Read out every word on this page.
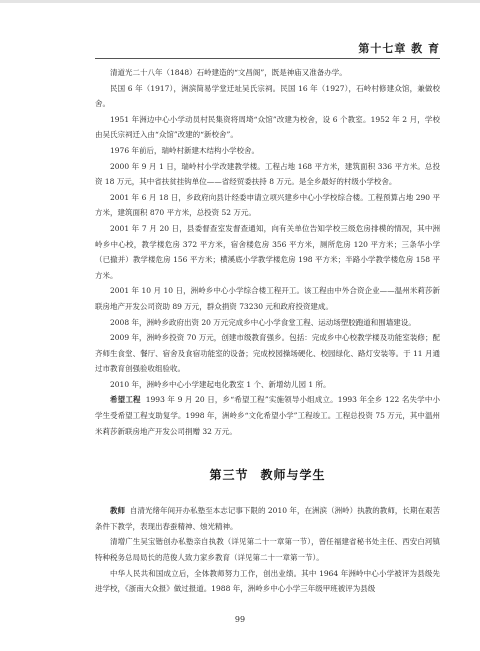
第十七章 教 育

清道光二十八年（1848）石岭建造的“文昌阁”，既是神庙又准备办学。

民国 6 年（1917），洲滨简易学堂迁址吴氏宗祠。民国 16 年（1927），石岭村修建众馆，兼做校舍。

1951 年洲边中心小学动员村民集资将周埼“众馆”改建为校舍，设 6 个教室。1952 年 2 月，学校由吴氏宗祠迁入由“众馆”改建的“新校舍”。

1976 年前后，瑞岭村新建木结构小学校舍。

2000 年 9 月 1 日，瑞岭村小学改建教学楼。工程占地 168 平方米，建筑面积 336 平方米。总投资 18 万元，其中省扶贫挂钩单位——省经贸委扶持 8 万元。是全乡最好的村级小学校舍。

2001 年 6 月 18 日，乡政府向县计经委申请立项兴建乡中心小学校综合楼。工程预算占地 290 平方米，建筑面积 870 平方米，总投资 52 万元。

2001 年 7 月 20 日，县委督查室发督查通知，向有关单位告知学校三级危房排模的情况，其中洲岭乡中心校，教学楼危房 372 平方米，宿舍楼危房 356 平方米，厕所危房 120 平方米；三条华小学（已撤并）教学楼危房 156 平方米；横溪底小学教学楼危房 198 平方米；半路小学教学楼危房 158 平方米。

2001 年 10 月 10 日，洲岭乡中心小学综合楼工程开工。该工程由中外合资企业——温州米莉莎新联房地产开发公司资助 89 万元，群众捐资 73230 元和政府投资建成。

2008 年，洲岭乡政府出资 20 万元完成乡中心小学食堂工程、运动场塑胶跑道和围墙建设。

2009 年，洲岭乡投资 70 万元，创建市级教育强乡。包括：完成乡中心校教学楼及功能室装修；配齐师生食堂、餐厅、宿舍及食宿功能室的设备；完成校园操场硬化、校园绿化、路灯安装等。于 11 月通过市教育创强验收组验收。

2010 年，洲岭乡中心小学建起电化教室 1 个、新增幼儿园 1 所。

希望工程 1993 年 9 月 20 日，乡“希望工程”实施领导小组成立。1993 年全乡 122 名失学中小学生受希望工程支助复学。1998 年，洲岭乡“文化希望小学”工程竣工。工程总投资 75 万元，其中温州米莉莎新联房地产开发公司捐赠 32 万元。

第三节 教师与学生

教师 自清光绪年间开办私塾至本志记事下限的 2010 年，在洲滨（洲岭）执教的教师，长期在艰苦条件下教学，表现出春蚕精神、烛光精神。

清增广生吴宝锴创办私塾亲自执教（详见第二十一章第一节），曾任福建省秘书处主任、西安白河镇特种税务总局局长的范俊人致力家乡教育（详见第二十一章第一节）。

中华人民共和国成立后，全体教师努力工作，创出业绩。其中 1964 年洲岭中心小学被评为县级先进学校，《浙南大众报》做过报道。1988 年，洲岭乡中心小学三年级甲班被评为县级

99
